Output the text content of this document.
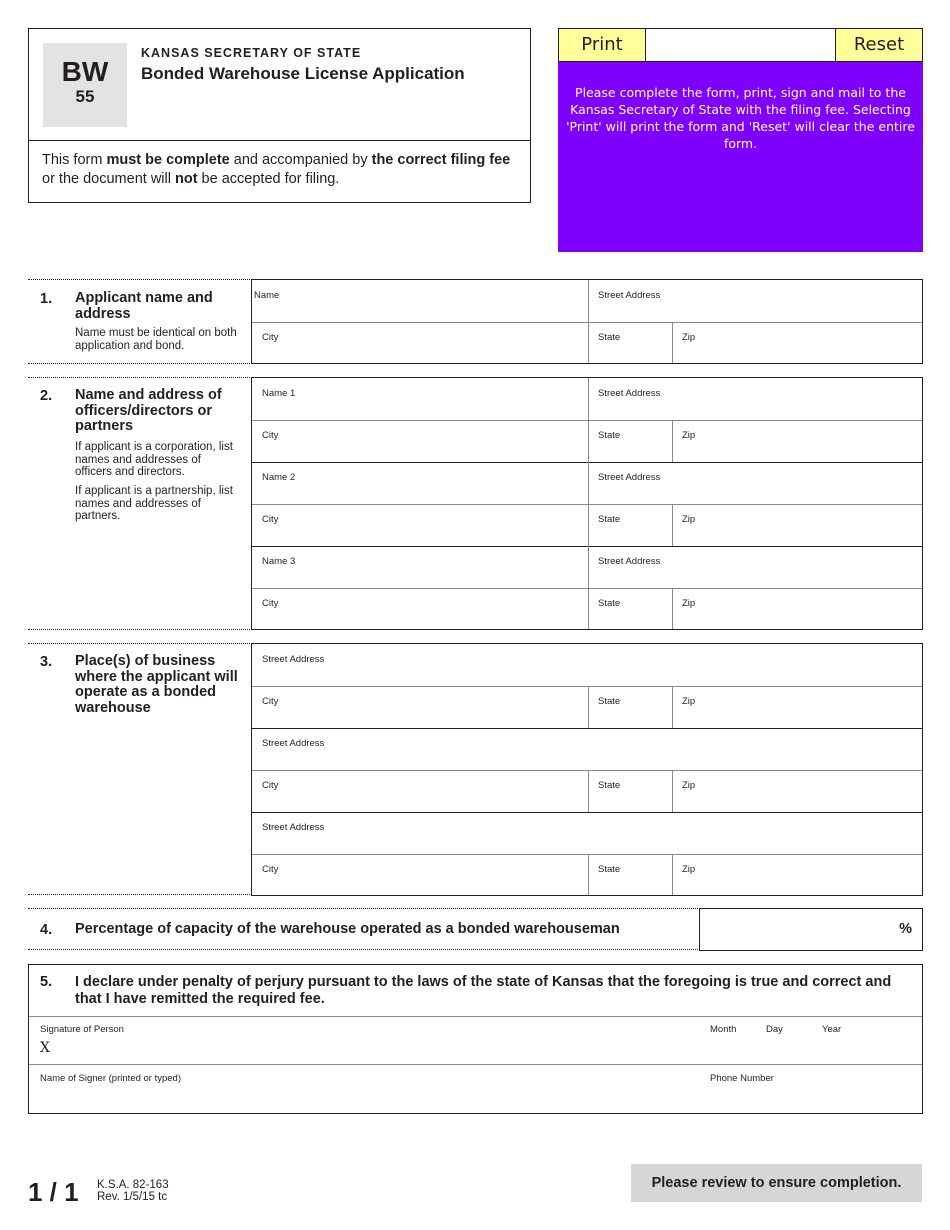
BW
55
KANSAS SECRETARY OF STATE
Bonded Warehouse License Application
This form must be complete and accompanied by the correct filing fee or the document will not be accepted for filing.
Print	Reset
Please complete the form, print, sign and mail to the Kansas Secretary of State with the filing fee. Selecting 'Print' will print the form and 'Reset' will clear the entire form.
1. Applicant name and address
Name must be identical on both application and bond.
Name	Street Address
City	State	Zip
2. Name and address of officers/directors or partners
If applicant is a corporation, list names and addresses of officers and directors.
If applicant is a partnership, list names and addresses of partners.
Name 1	Street Address
City	State	Zip
Name 2	Street Address
City	State	Zip
Name 3	Street Address
City	State	Zip
3. Place(s) of business where the applicant will operate as a bonded warehouse
Street Address
City	State	Zip
Street Address
City	State	Zip
Street Address
City	State	Zip
4. Percentage of capacity of the warehouse operated as a bonded warehouseman	%
5. I declare under penalty of perjury pursuant to the laws of the state of Kansas that the foregoing is true and correct and that I have remitted the required fee.
Signature of Person
X
Month	Day	Year
Name of Signer (printed or typed)	Phone Number
1 / 1 K.S.A. 82-163
Rev. 1/5/15 tc
Please review to ensure completion.
